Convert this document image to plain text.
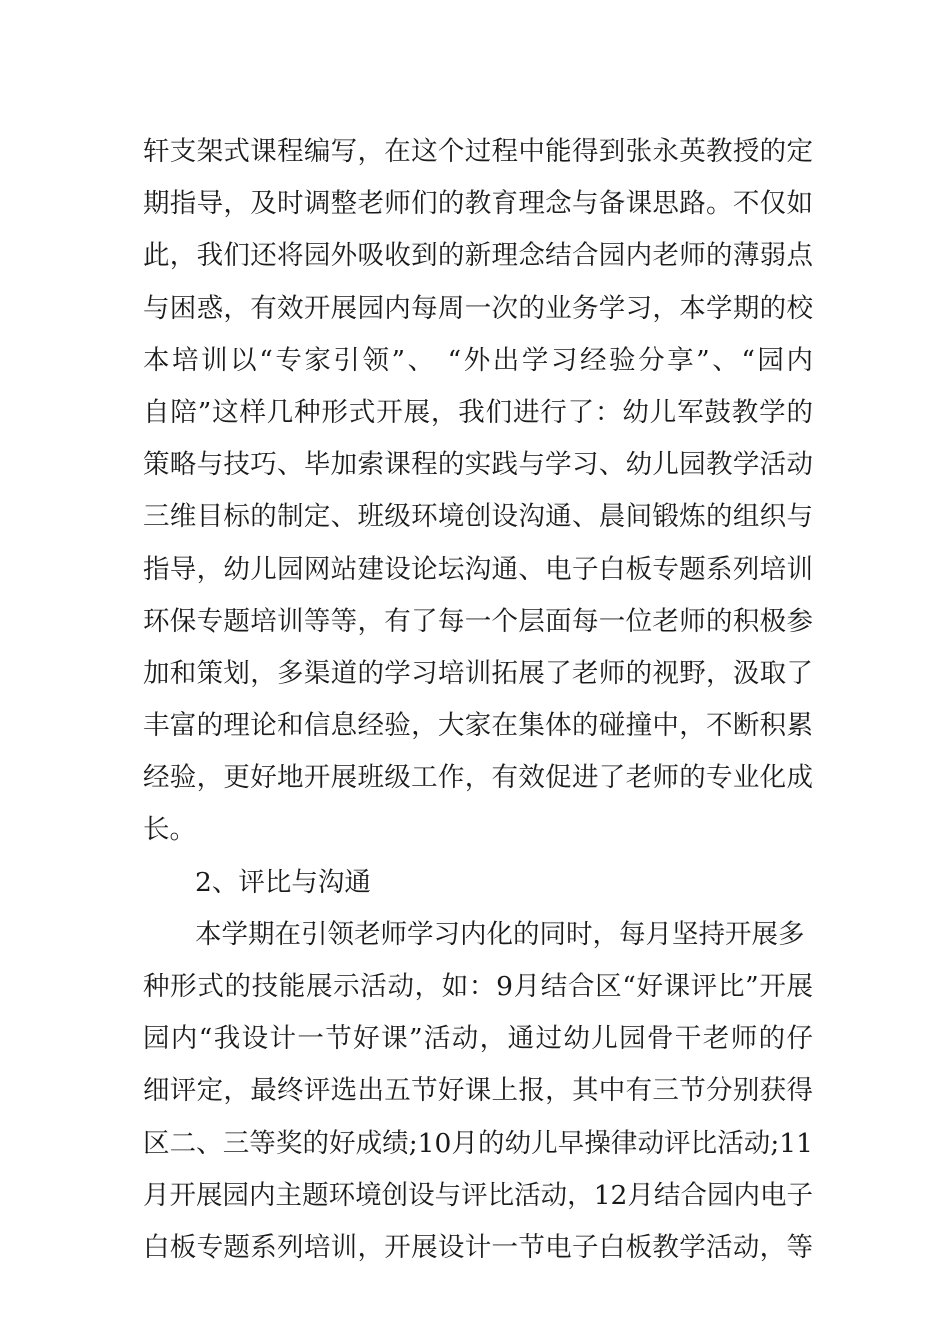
轩支架式课程编写，在这个过程中能得到张永英教授的定
期指导，及时调整老师们的教育理念与备课思路。不仅如
此，我们还将园外吸收到的新理念结合园内老师的薄弱点
与困惑，有效开展园内每周一次的业务学习，本学期的校
本培训以“专家引领”、 “外出学习经验分享”、“园内
自陪”这样几种形式开展，我们进行了：幼儿军鼓教学的
策略与技巧、毕加索课程的实践与学习、幼儿园教学活动
三维目标的制定、班级环境创设沟通、晨间锻炼的组织与
指导，幼儿园网站建设论坛沟通、电子白板专题系列培训
环保专题培训等等，有了每一个层面每一位老师的积极参
加和策划，多渠道的学习培训拓展了老师的视野，汲取了
丰富的理论和信息经验，大家在集体的碰撞中，不断积累
经验，更好地开展班级工作，有效促进了老师的专业化成
长。
2、评比与沟通
本学期在引领老师学习内化的同时，每月坚持开展多
种形式的技能展示活动，如：9月结合区“好课评比”开展
园内“我设计一节好课”活动，通过幼儿园骨干老师的仔
细评定，最终评选出五节好课上报，其中有三节分别获得
区二、三等奖的好成绩;10月的幼儿早操律动评比活动;11
月开展园内主题环境创设与评比活动，12月结合园内电子
白板专题系列培训，开展设计一节电子白板教学活动，等
